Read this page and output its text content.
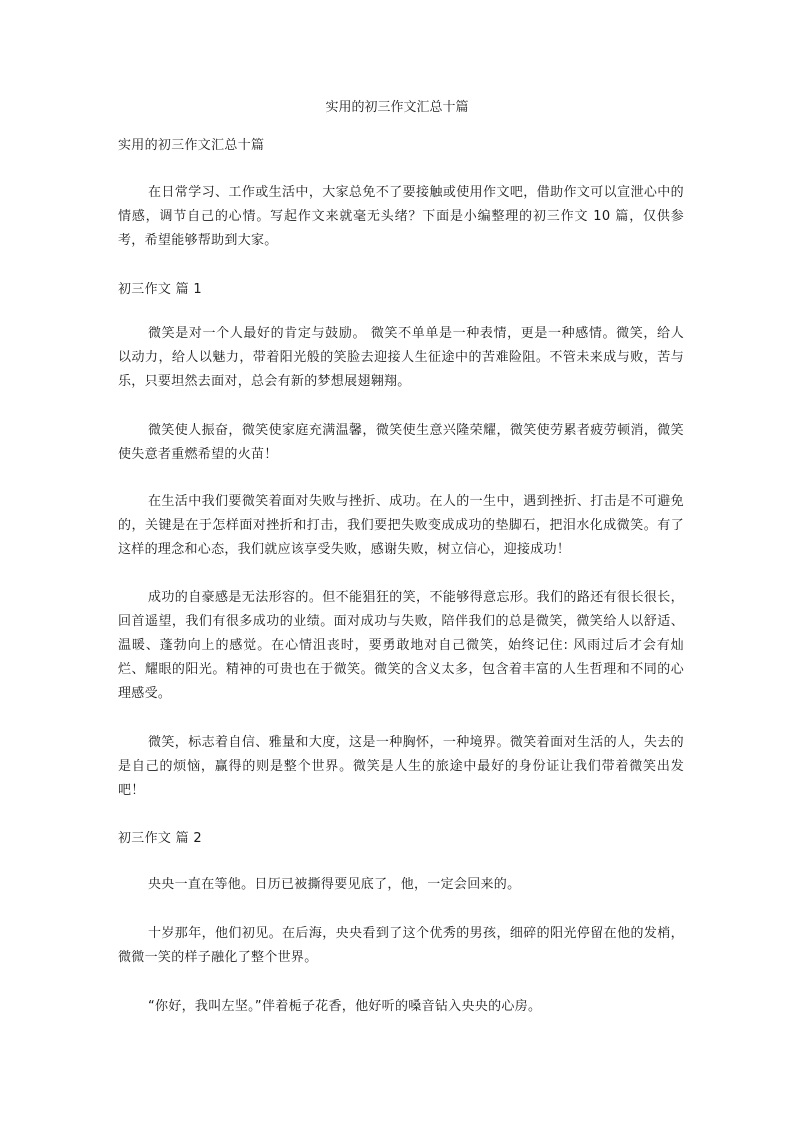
实用的初三作文汇总十篇

实用的初三作文汇总十篇

在日常学习、工作或生活中，大家总免不了要接触或使用作文吧，借助作文可以宣泄心中的情感，调节自己的心情。写起作文来就毫无头绪？下面是小编整理的初三作文 10 篇，仅供参考，希望能够帮助到大家。

初三作文 篇 1

微笑是对一个人最好的肯定与鼓励。 微笑不单单是一种表情，更是一种感情。微笑，给人以动力，给人以魅力，带着阳光般的笑脸去迎接人生征途中的苦难险阻。不管未来成与败，苦与乐，只要坦然去面对，总会有新的梦想展翅翱翔。

微笑使人振奋，微笑使家庭充满温馨，微笑使生意兴隆荣耀，微笑使劳累者疲劳顿消，微笑使失意者重燃希望的火苗！

在生活中我们要微笑着面对失败与挫折、成功。在人的一生中，遇到挫折、打击是不可避免的，关键是在于怎样面对挫折和打击，我们要把失败变成成功的垫脚石，把泪水化成微笑。有了这样的理念和心态，我们就应该享受失败，感谢失败，树立信心，迎接成功！

成功的自豪感是无法形容的。但不能猖狂的笑，不能够得意忘形。我们的路还有很长很长，回首遥望，我们有很多成功的业绩。面对成功与失败，陪伴我们的总是微笑，微笑给人以舒适、温暖、蓬勃向上的感觉。在心情沮丧时，要勇敢地对自己微笑，始终记住: 风雨过后才会有灿烂、耀眼的阳光。精神的可贵也在于微笑。微笑的含义太多，包含着丰富的人生哲理和不同的心理感受。

微笑，标志着自信、雅量和大度，这是一种胸怀，一种境界。微笑着面对生活的人，失去的是自己的烦恼，赢得的则是整个世界。微笑是人生的旅途中最好的身份证让我们带着微笑出发吧！

初三作文 篇 2

央央一直在等他。日历已被撕得要见底了，他，一定会回来的。

十岁那年，他们初见。在后海，央央看到了这个优秀的男孩，细碎的阳光停留在他的发梢，微微一笑的样子融化了整个世界。

“你好，我叫左坚。”伴着栀子花香，他好听的嗓音钻入央央的心房。
